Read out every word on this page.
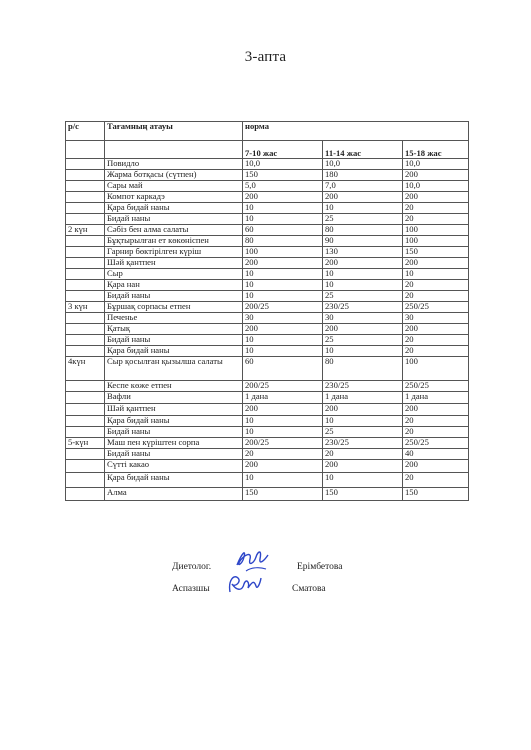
3-апта
р/с	Тағамның атауы	норма		
		7-10 жас	11-14 жас	15-18 жас
	Повидло	10,0	10,0	10,0
	Жарма ботқасы (сүтпен)	150	180	200
	Сары май	5,0	7,0	10,0
	Компот каркадэ	200	200	200
	Қара бидай наны	10	10	20
	Бидай наны	10	25	20
2 күн	Сәбіз бен алма салаты	60	80	100
	Бұқтырылған ет көкөніспен	80	90	100
	Гарнир бөктірілген күріш	100	130	150
	Шәй қантпен	200	200	200
	Сыр	10	10	10
	Қара нан	10	10	20
	Бидай наны	10	25	20
3 күн	Бұршақ сорпасы етпен	200/25	230/25	250/25
	Печенье	30	30	30
	Қатық	200	200	200
	Бидай наны	10	25	20
	Қара бидай наны	10	10	20
4күн	Сыр қосылған қызылша салаты	60	80	100
	Кеспе көже етпен	200/25	230/25	250/25
	Вафли	1 дана	1 дана	1 дана
	Шәй қантпен	200	200	200
	Қара бидай наны	10	10	20
	Бидай наны	10	25	20
5-күн	Маш пен күріштен сорпа	200/25	230/25	250/25
	Бидай наны	20	20	40
	Сүтті какао	200	200	200
	Қара бидай наны	10	10	20
	Алма	150	150	150
Диетолог.	Ерімбетова
Аспазшы	Сматова
